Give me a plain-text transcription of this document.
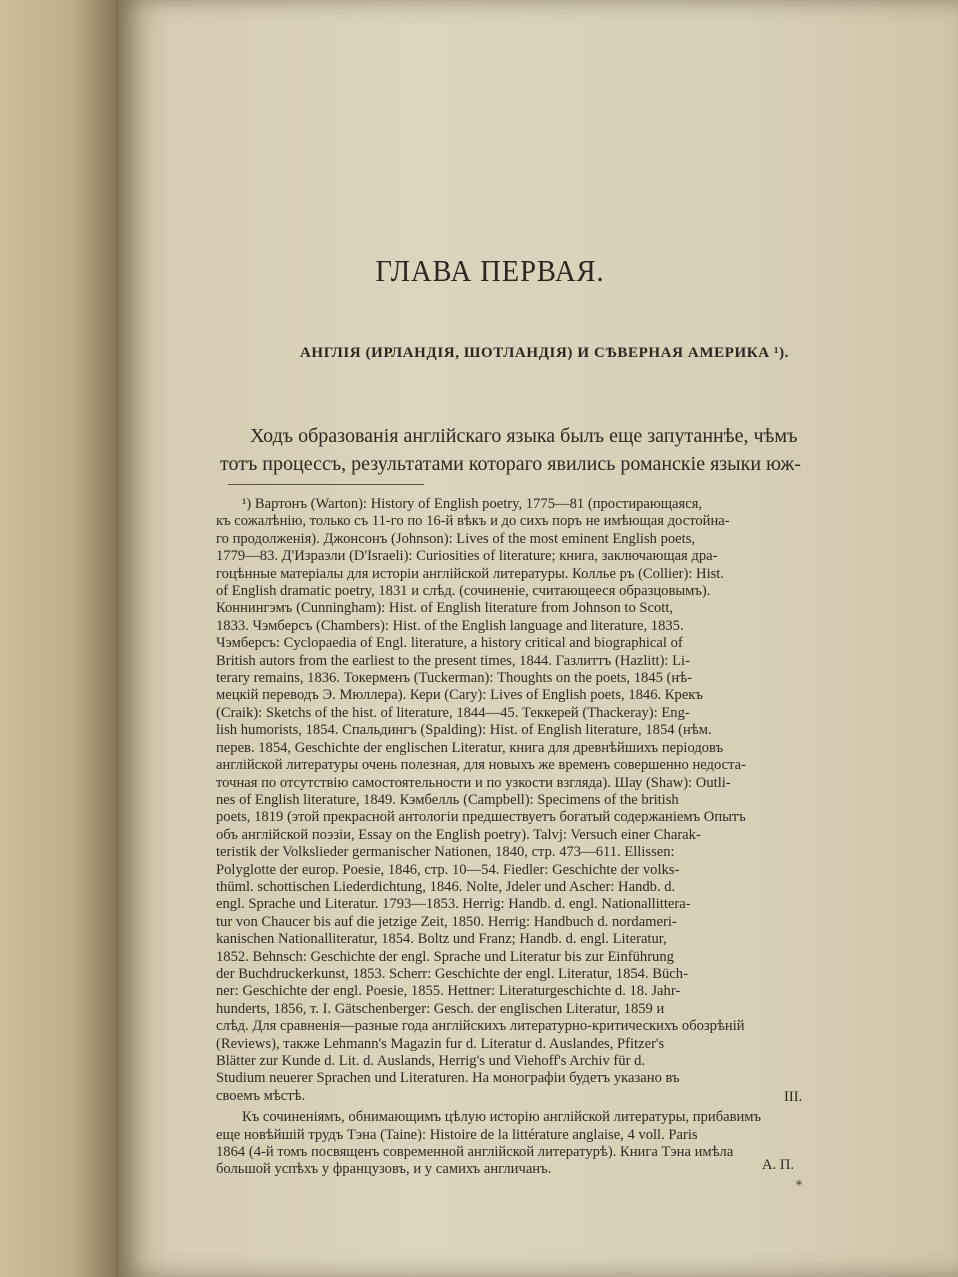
ГЛАВА ПЕРВАЯ.
АНГЛІЯ (ИРЛАНДІЯ, ШОТЛАНДІЯ) И СѢВЕРНАЯ АМЕРИКА ¹).
Ходъ образованія англійскаго языка былъ еще запутаннѣе, чѣмъ
тотъ процессъ, результатами котораго явились романскіе языки юж-
¹) Вартонъ (Warton): History of English poetry, 1775—81 (простирающаяся,
къ сожалѣнію, только съ 11-го по 16-й вѣкъ и до сихъ поръ не имѣющая достойна-
го продолженія). Джонсонъ (Johnson): Lives of the most eminent English poets,
1779—83. Д'Израэли (D'Israeli): Curiosities of literature; книга, заключающая дра-
гоцѣнные матеріалы для исторіи англійской литературы. Коллье ръ (Collier): Hist.
of English dramatic poetry, 1831 и слѣд. (сочиненіе, считающееся образцовымъ).
Коннингэмъ (Cunningham): Hist. of English literature from Johnson to Scott,
1833. Чэмберсъ (Chambers): Hist. of the English language and literature, 1835.
Чэмберсъ: Cyclopaedia of Engl. literature, a history critical and biographical of
British autors from the earliest to the present times, 1844. Газлиттъ (Hazlitt): Li-
terary remains, 1836. Токерменъ (Tuckerman): Thoughts on the poets, 1845 (нѣ-
мецкій переводъ Э. Мюллера). Кери (Cary): Lives of English poets, 1846. Крекъ
(Craik): Sketchs of the hist. of literature, 1844—45. Теккерей (Thackeray): Eng-
lish humorists, 1854. Спальдингъ (Spalding): Hist. of English literature, 1854 (нѣм.
перев. 1854, Geschichte der englischen Literatur, книга для древнѣйшихъ періодовъ
англійской литературы очень полезная, для новыхъ же временъ совершенно недоста-
точная по отсутствію самостоятельности и по узкости взгляда). Шау (Shaw): Outli-
nes of English literature, 1849. Кэмбелль (Campbell): Specimens of the british
poets, 1819 (этой прекрасной антологіи предшествуетъ богатый содержаніемъ Опытъ
объ англійской поэзіи, Essay on the English poetry). Talvj: Versuch einer Charak-
teristik der Volkslieder germanischer Nationen, 1840, стр. 473—611. Ellissen:
Polyglotte der europ. Poesie, 1846, стр. 10—54. Fiedler: Geschichte der volks-
thüml. schottischen Liederdichtung, 1846. Nolte, Jdeler und Ascher: Handb. d.
engl. Sprache und Literatur. 1793—1853. Herrig: Handb. d. engl. Nationallittera-
tur von Chaucer bis auf die jetzige Zeit, 1850. Herrig: Handbuch d. nordameri-
kanischen Nationalliteratur, 1854. Boltz und Franz; Handb. d. engl. Literatur,
1852. Behnsch: Geschichte der engl. Sprache und Literatur bis zur Einführung
der Buchdruckerkunst, 1853. Scherr: Geschichte der engl. Literatur, 1854. Büch-
ner: Geschichte der engl. Poesie, 1855. Hettner: Literaturgeschichte d. 18. Jahr-
hunderts, 1856, т. I. Gätschenberger: Gesch. der englischen Literatur, 1859 и
слѣд. Для сравненія—разные года англійскихъ литературно-критическихъ обозрѣній
(Reviews), также Lehmann's Magazin fur d. Literatur d. Auslandes, Pfitzer's
Blätter zur Kunde d. Lit. d. Auslands, Herrig's und Viehoff's Archiv für d.
Studium neuerer Sprachen und Literaturen. На монографіи будетъ указано въ
своемъ мѣстѣ.
Къ сочиненіямъ, обнимающимъ цѣлую исторію англійской литературы, прибавимъ
еще новѣйшій трудъ Тэна (Taine): Histoire de la littérature anglaise, 4 voll. Paris
1864 (4-й томъ посвященъ современной англійской литературѣ). Книга Тэна имѣла
большой успѣхъ у французовъ, и у самихъ англичанъ.
III.
А. П.
*
